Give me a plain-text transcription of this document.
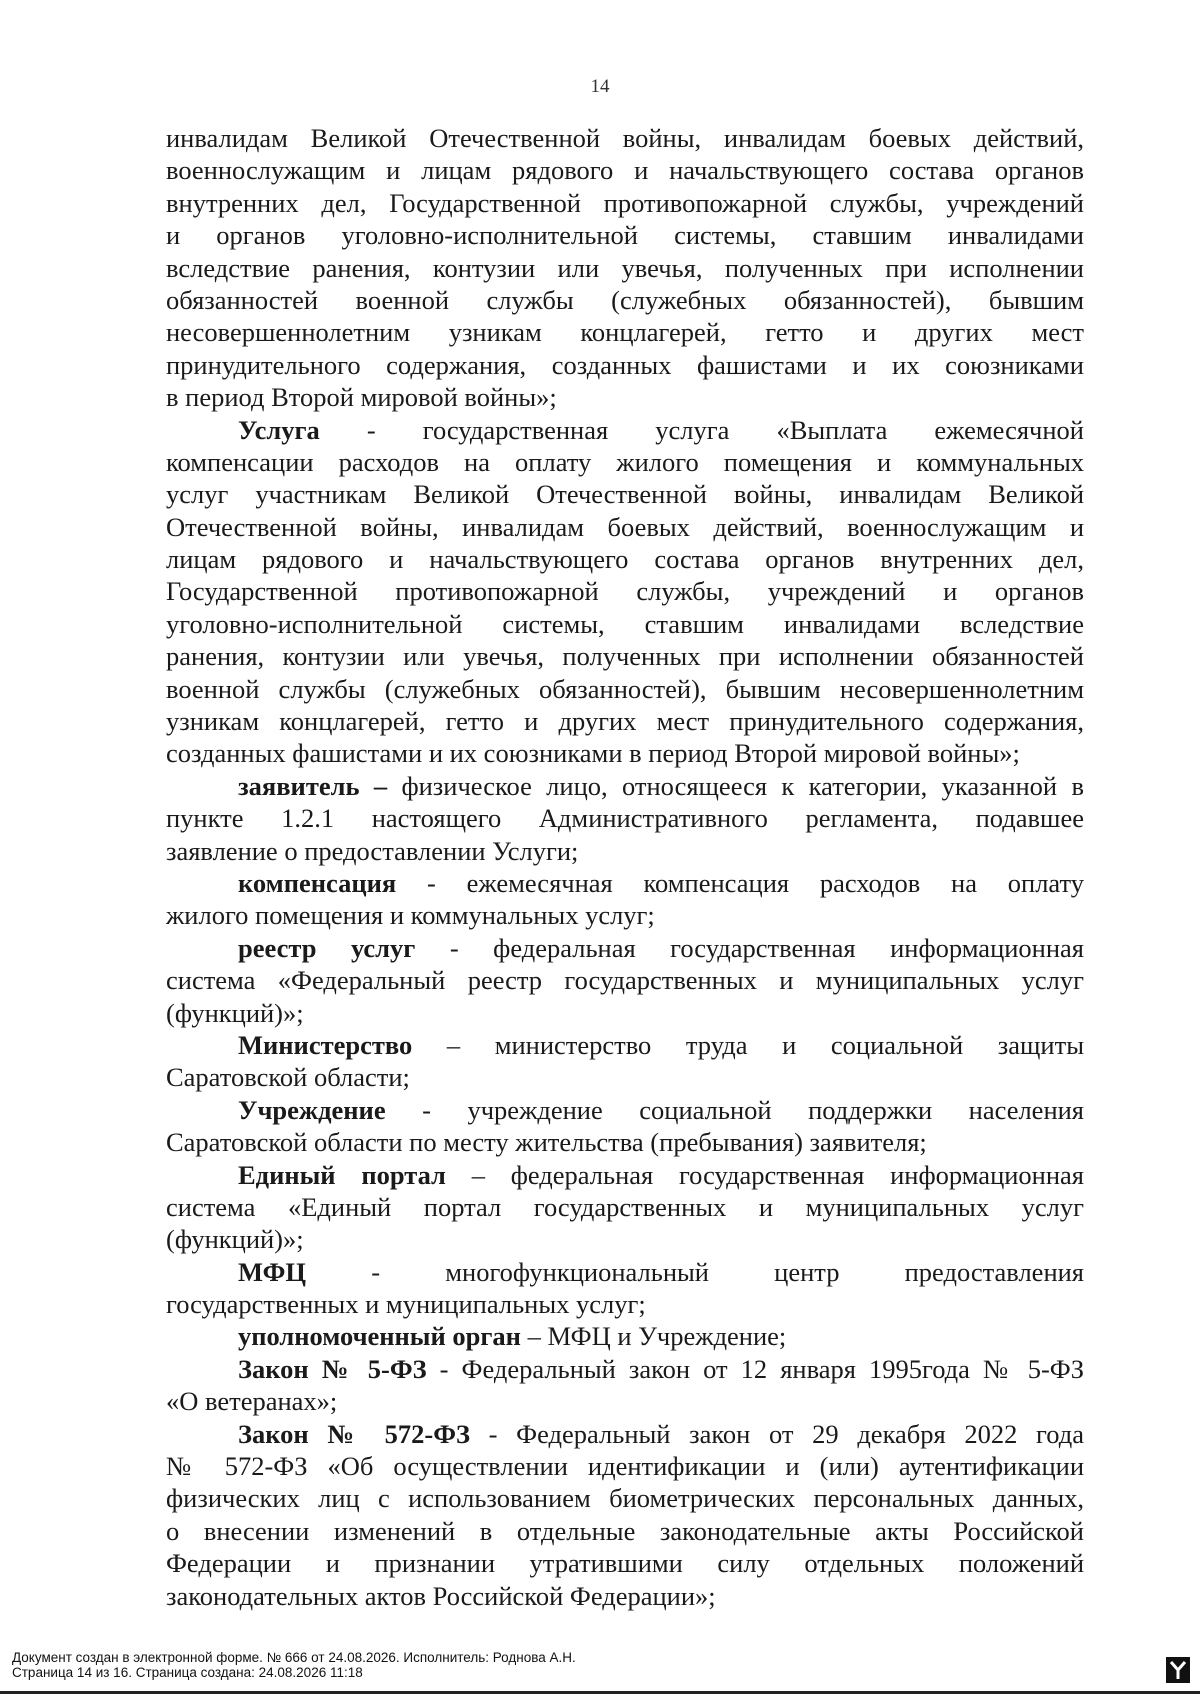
14
инвалидам Великой Отечественной войны, инвалидам боевых действий,
военнослужащим и лицам рядового и начальствующего состава органов
внутренних дел, Государственной противопожарной службы, учреждений
и органов уголовно-исполнительной системы, ставшим инвалидами
вследствие ранения, контузии или увечья, полученных при исполнении
обязанностей военной службы (служебных обязанностей), бывшим
несовершеннолетним узникам концлагерей, гетто и других мест
принудительного содержания, созданных фашистами и их союзниками
в период Второй мировой войны»;
Услуга - государственная услуга «Выплата ежемесячной
компенсации расходов на оплату жилого помещения и коммунальных
услуг участникам Великой Отечественной войны, инвалидам Великой
Отечественной войны, инвалидам боевых действий, военнослужащим и
лицам рядового и начальствующего состава органов внутренних дел,
Государственной противопожарной службы, учреждений и органов
уголовно-исполнительной системы, ставшим инвалидами вследствие
ранения, контузии или увечья, полученных при исполнении обязанностей
военной службы (служебных обязанностей), бывшим несовершеннолетним
узникам концлагерей, гетто и других мест принудительного содержания,
созданных фашистами и их союзниками в период Второй мировой войны»;
заявитель – физическое лицо, относящееся к категории, указанной в
пункте 1.2.1 настоящего Административного регламента, подавшее
заявление о предоставлении Услуги;
компенсация - ежемесячная компенсация расходов на оплату
жилого помещения и коммунальных услуг;
реестр услуг - федеральная государственная информационная
система «Федеральный реестр государственных и муниципальных услуг
(функций)»;
Министерство – министерство труда и социальной защиты
Саратовской области;
Учреждение - учреждение социальной поддержки населения
Саратовской области по месту жительства (пребывания) заявителя;
Единый портал – федеральная государственная информационная
система «Единый портал государственных и муниципальных услуг
(функций)»;
МФЦ - многофункциональный центр предоставления
государственных и муниципальных услуг;
уполномоченный орган – МФЦ и Учреждение;
Закон № 5-ФЗ - Федеральный закон от 12 января 1995года № 5-ФЗ
«О ветеранах»;
Закон № 572-ФЗ - Федеральный закон от 29 декабря 2022 года
№ 572-ФЗ «Об осуществлении идентификации и (или) аутентификации
физических лиц с использованием биометрических персональных данных,
о внесении изменений в отдельные законодательные акты Российской
Федерации и признании утратившими силу отдельных положений
законодательных актов Российской Федерации»;
Документ создан в электронной форме. № 666 от 24.08.2026. Исполнитель: Роднова А.Н.
Страница 14 из 16. Страница создана: 24.08.2026 11:18
